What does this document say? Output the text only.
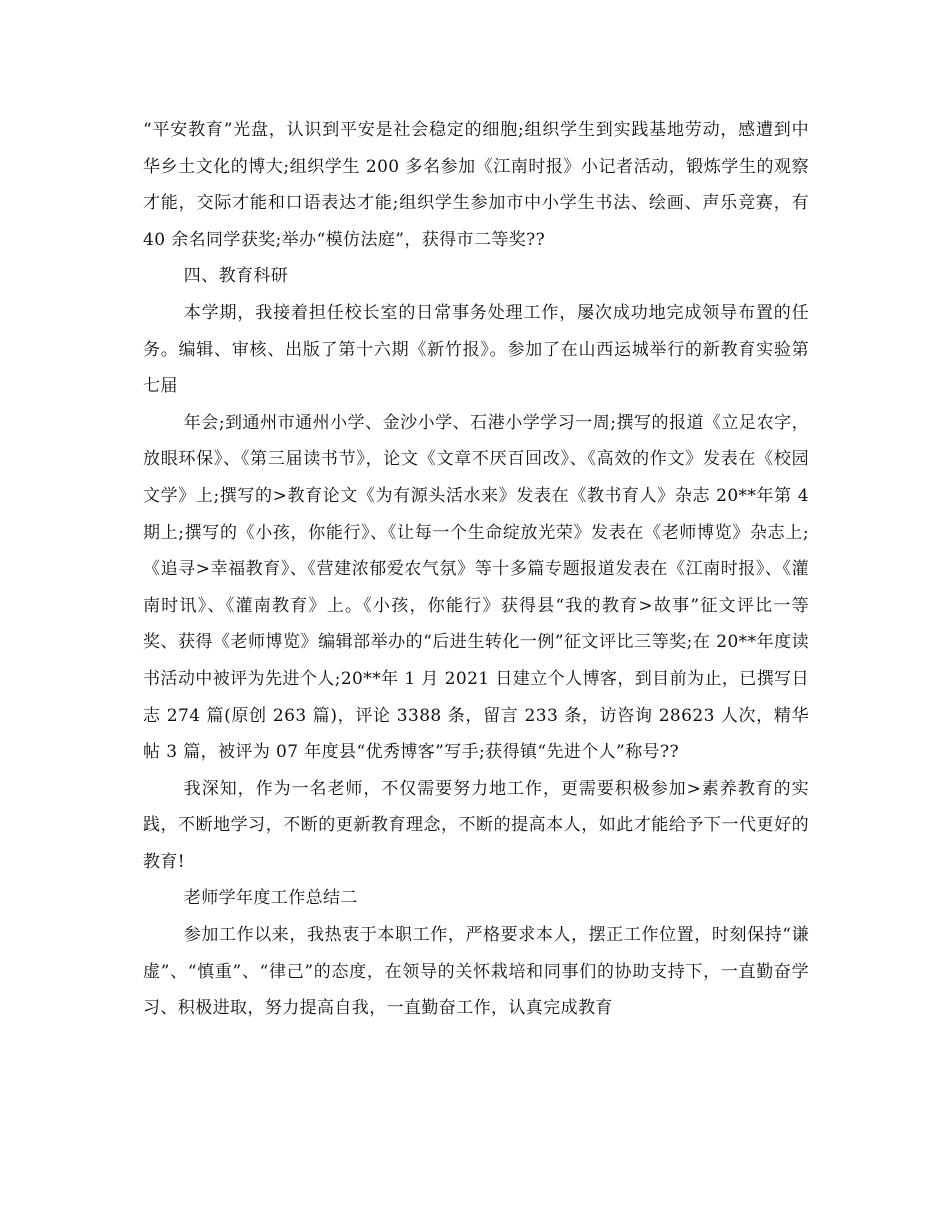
“平安教育”光盘，认识到平安是社会稳定的细胞;组织学生到实践基地劳动，感遭到中华乡土文化的博大;组织学生 200 多名参加《江南时报》小记者活动，锻炼学生的观察才能，交际才能和口语表达才能;组织学生参加市中小学生书法、绘画、声乐竞赛，有 40 余名同学获奖;举办“模仿法庭”，获得市二等奖??

四、教育科研

本学期，我接着担任校长室的日常事务处理工作，屡次成功地完成领导布置的任务。编辑、审核、出版了第十六期《新竹报》。参加了在山西运城举行的新教育实验第七届

年会;到通州市通州小学、金沙小学、石港小学学习一周;撰写的报道《立足农字，放眼环保》、《第三届读书节》，论文《文章不厌百回改》、《高效的作文》发表在《校园文学》上;撰写的>教育论文《为有源头活水来》发表在《教书育人》杂志 20**年第 4 期上;撰写的《小孩，你能行》、《让每一个生命绽放光荣》发表在《老师博览》杂志上;《追寻>幸福教育》、《营建浓郁爱农气氛》等十多篇专题报道发表在《江南时报》、《灌南时讯》、《灌南教育》上。《小孩，你能行》获得县“我的教育>故事”征文评比一等奖、获得《老师博览》编辑部举办的“后进生转化一例”征文评比三等奖;在 20**年度读书活动中被评为先进个人;20**年 1 月 2021 日建立个人博客，到目前为止，已撰写日志 274 篇(原创 263 篇)，评论 3388 条，留言 233 条，访咨询 28623 人次，精华帖 3 篇，被评为 07 年度县“优秀博客”写手;获得镇“先进个人”称号??

我深知，作为一名老师，不仅需要努力地工作，更需要积极参加>素养教育的实践，不断地学习，不断的更新教育理念，不断的提高本人，如此才能给予下一代更好的教育!

老师学年度工作总结二

参加工作以来，我热衷于本职工作，严格要求本人，摆正工作位置，时刻保持“谦虚”、“慎重”、“律己”的态度，在领导的关怀栽培和同事们的协助支持下，一直勤奋学习、积极进取，努力提高自我，一直勤奋工作，认真完成教育
